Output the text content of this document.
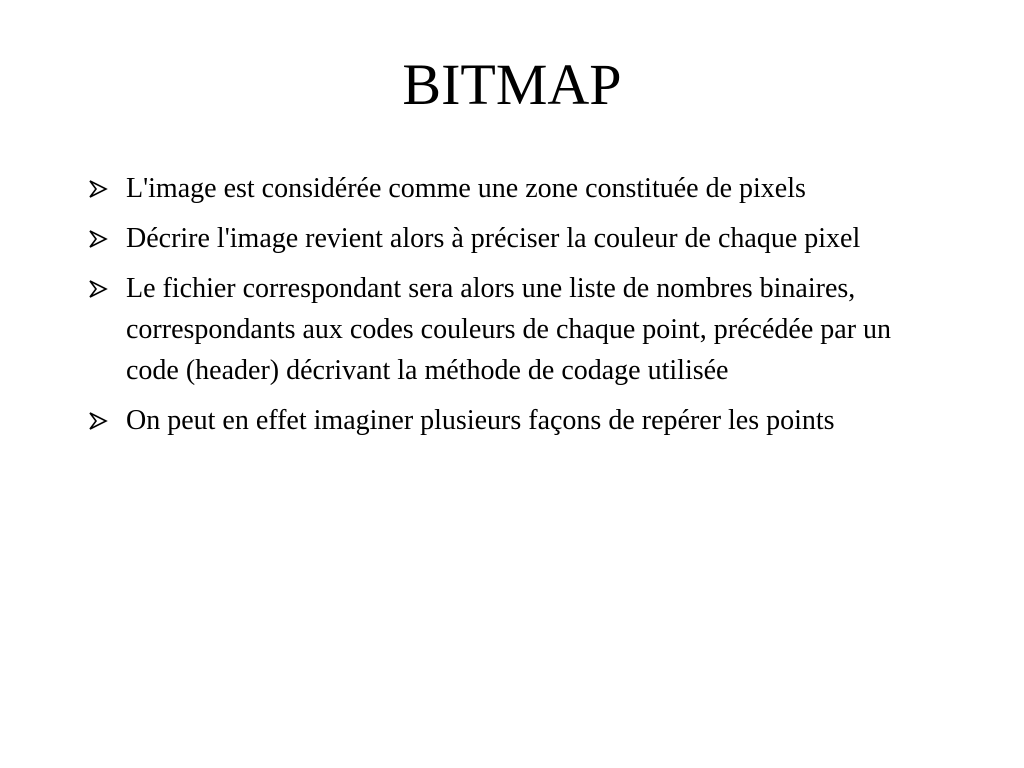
BITMAP
L'image est considérée comme une zone constituée de pixels
Décrire l'image revient alors à préciser la couleur de chaque pixel
Le fichier correspondant sera alors une liste de nombres binaires, correspondants aux codes couleurs de chaque point, précédée par un code (header) décrivant la méthode de codage utilisée
On peut en effet imaginer plusieurs façons de repérer les points
